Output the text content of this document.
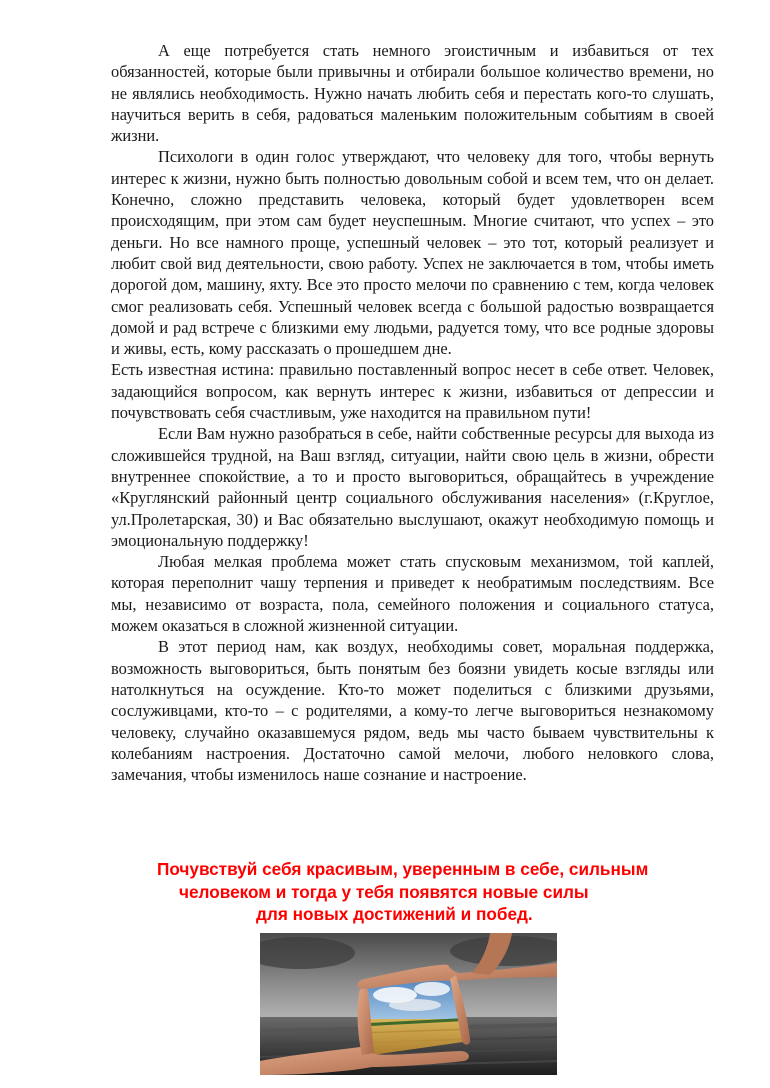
А еще потребуется стать немного эгоистичным и избавиться от тех обязанностей, которые были привычны и отбирали большое количество времени, но не являлись необходимость. Нужно начать любить себя и перестать кого-то слушать, научиться верить в себя, радоваться маленьким положительным событиям в своей жизни.

Психологи в один голос утверждают, что человеку для того, чтобы вернуть интерес к жизни, нужно быть полностью довольным собой и всем тем, что он делает. Конечно, сложно представить человека, который будет удовлетворен всем происходящим, при этом сам будет неуспешным. Многие считают, что успех – это деньги. Но все намного проще, успешный человек – это тот, который реализует и любит свой вид деятельности, свою работу. Успех не заключается в том, чтобы иметь дорогой дом, машину, яхту. Все это просто мелочи по сравнению с тем, когда человек смог реализовать себя. Успешный человек всегда с большой радостью возвращается домой и рад встрече с близкими ему людьми, радуется тому, что все родные здоровы и живы, есть, кому рассказать о прошедшем дне.

Есть известная истина: правильно поставленный вопрос несет в себе ответ. Человек, задающийся вопросом, как вернуть интерес к жизни, избавиться от депрессии и почувствовать себя счастливым, уже находится на правильном пути!

Если Вам нужно разобраться в себе, найти собственные ресурсы для выхода из сложившейся трудной, на Ваш взгляд, ситуации, найти свою цель в жизни, обрести внутреннее спокойствие, а то и просто выговориться, обращайтесь в учреждение «Круглянский районный центр социального обслуживания населения» (г.Круглое, ул.Пролетарская, 30) и Вас обязательно выслушают, окажут необходимую помощь и эмоциональную поддержку!

Любая мелкая проблема может стать спусковым механизмом, той каплей, которая переполнит чашу терпения и приведет к необратимым последствиям. Все мы, независимо от возраста, пола, семейного положения и социального статуса, можем оказаться в сложной жизненной ситуации.

В этот период нам, как воздух, необходимы совет, моральная поддержка, возможность выговориться, быть понятым без боязни увидеть косые взгляды или натолкнуться на осуждение. Кто-то может поделиться с близкими друзьями, сослуживцами, кто-то – с родителями, а кому-то легче выговориться незнакомому человеку, случайно оказавшемуся рядом, ведь мы часто бываем чувствительны к колебаниям настроения. Достаточно самой мелочи, любого неловкого слова, замечания, чтобы изменилось наше сознание и настроение.

Почувствуй себя красивым, уверенным в себе, сильным
человеком и тогда у тебя появятся новые силы
для новых достижений и побед.
